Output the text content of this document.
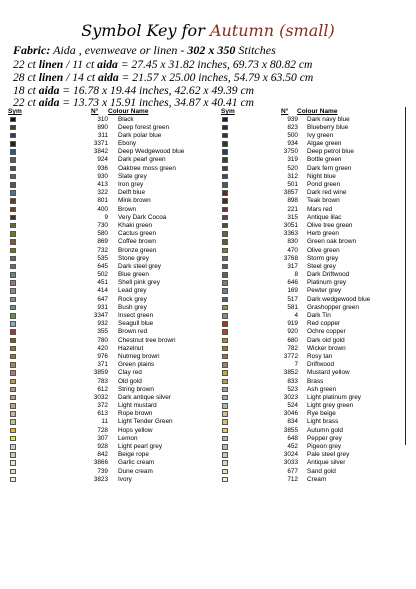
Symbol Key for Autumn (small)
Fabric: Aida , evenweave or linen - 302 x 350 Stitches
22 ct linen / 11 ct aida = 27.45 x 31.82 inches, 69.73 x 80.82 cm
28 ct linen / 14 ct aida = 21.57 x 25.00 inches, 54.79 x 63.50 cm
18 ct aida = 16.78 x 19.44 inches, 42.62 x 49.39 cm
22 ct aida = 13.73 x 15.91 inches, 34.87 x 40.41 cm
Sym	N° Colour Name	Sym	N° Colour Name
310 Black
890 Deep forest green
311 Dark polar blue
3371 Ebony
3842 Deep Wedgewood blue
924 Dark pearl green
936 Oaktree moss green
930 Slate grey
413 Iron grey
322 Delft blue
801 Mink brown
400 Brown
9 Very Dark Cocoa
730 Khaki green
580 Cactus green
869 Coffee brown
732 Bronze green
535 Stone grey
645 Dark steel grey
502 Blue green
451 Shell pink grey
414 Lead grey
647 Rock grey
931 Bush grey
3347 Insect green
932 Seagull blue
355 Brown red
780 Chestnut tree brown
420 Hazelnut
976 Nutmeg brown
371 Green plains
3859 Clay red
783 Old gold
612 String brown
3032 Dark antique silver
372 Light mustard
613 Rope brown
11 Light Tender Green
728 Hops yellow
307 Lemon
928 Light pearl grey
842 Beige rope
3866 Garlic cream
739 Dune cream
3823 Ivory
939 Dark navy blue
823 Blueberry blue
500 Ivy green
934 Algae green
3750 Deep petrol blue
319 Bottle green
520 Dark fern green
312 Night blue
501 Pond green
3857 Dark red wine
898 Teak brown
221 Mars red
315 Antique lilac
3051 Olive tree green
3363 Herb green
830 Green oak brown
470 Olive green
3768 Storm grey
317 Steel grey
8 Dark Driftwood
646 Platinum grey
169 Pewter grey
517 Dark wedgewood blue
581 Grashopper green
4 Dark Tin
919 Red copper
920 Ochre copper
680 Dark old gold
782 Wicker brown
3772 Rosy tan
7 Driftwood
3852 Mustard yellow
833 Brass
523 Ash green
3023 Light platinum grey
524 Light grey green
3046 Rye beige
834 Light brass
3855 Autumn gold
648 Pepper grey
452 Pigeon grey
3024 Pale steel grey
3033 Antique silver
677 Sand gold
712 Cream
